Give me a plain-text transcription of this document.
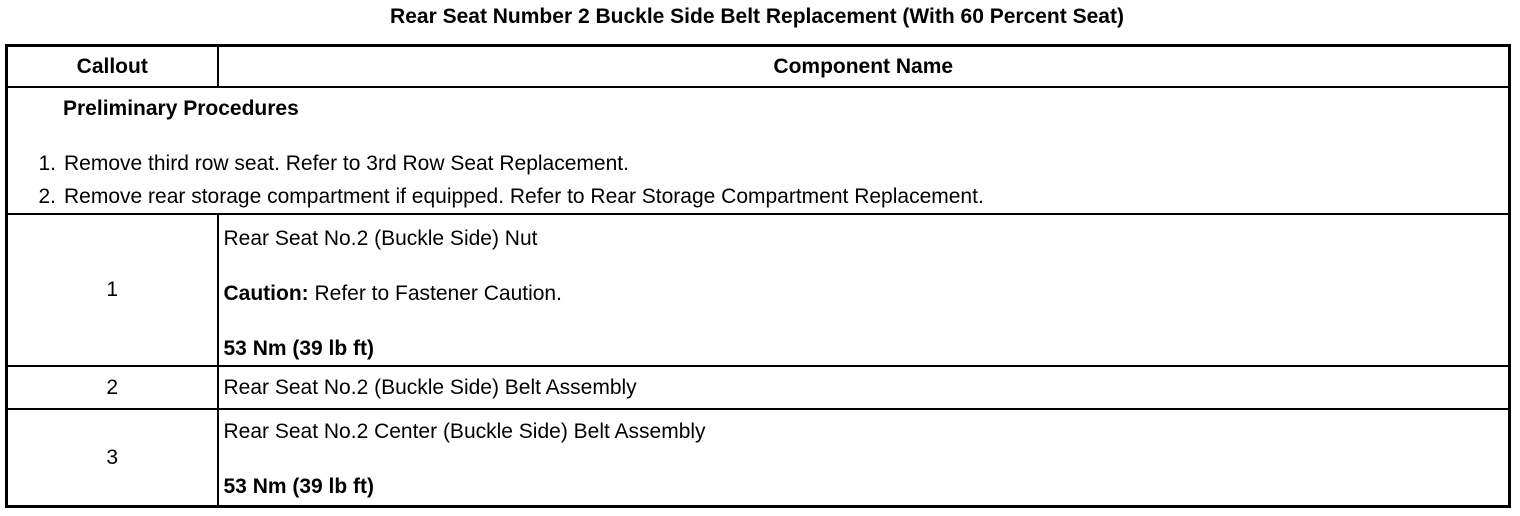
Rear Seat Number 2 Buckle Side Belt Replacement (With 60 Percent Seat)
Callout	Component Name

Preliminary Procedures
1. Remove third row seat. Refer to 3rd Row Seat Replacement.
2. Remove rear storage compartment if equipped. Refer to Rear Storage Compartment Replacement.	

1	Rear Seat No.2 (Buckle Side) Nut
Caution: Refer to Fastener Caution.
53 Nm (39 lb ft)

2	Rear Seat No.2 (Buckle Side) Belt Assembly

3	Rear Seat No.2 Center (Buckle Side) Belt Assembly
53 Nm (39 lb ft)
